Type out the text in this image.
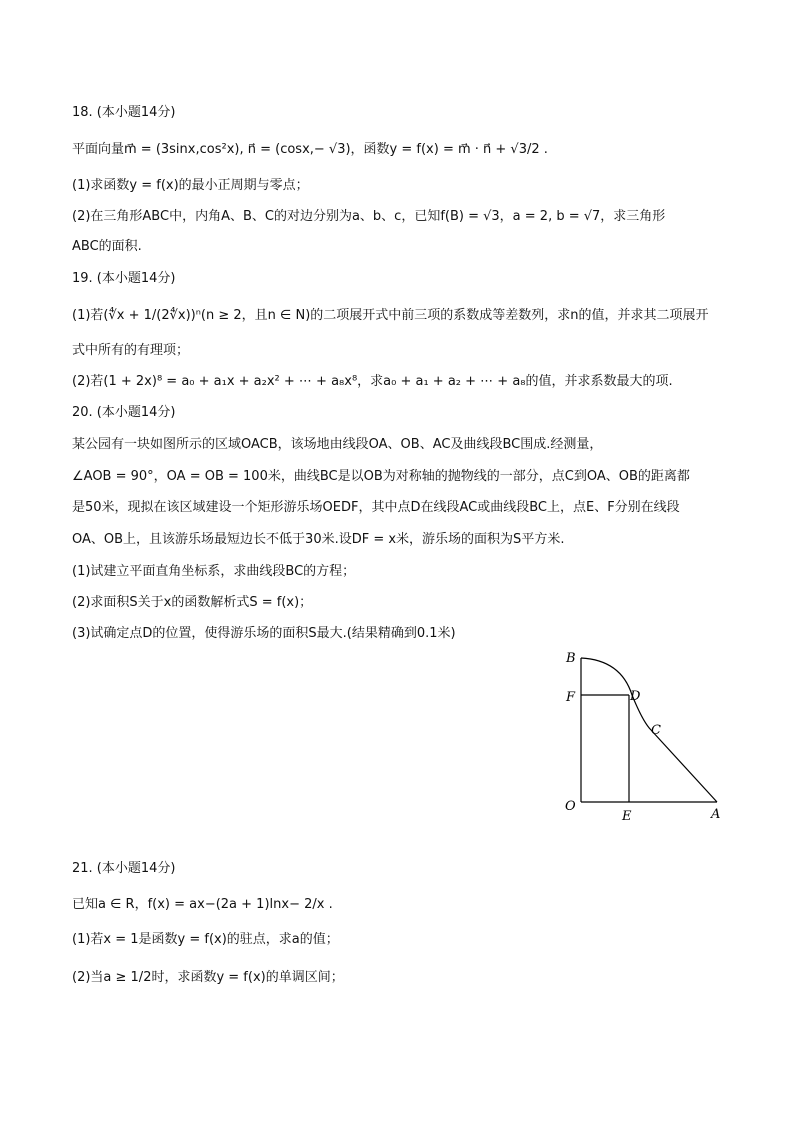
18. (本小题14分)
平面向量m⃗ = (3sinx,cos²x), n⃗ = (cosx,− √3)，函数y = f(x) = m⃗ · n⃗ + √3/2 .
(1)求函数y = f(x)的最小正周期与零点；
(2)在三角形ABC中，内角A、B、C的对边分别为a、b、c，已知f(B) = √3，a = 2, b = √7，求三角形
ABC的面积.
19. (本小题14分)
(1)若(∜x + 1/(2∜x))ⁿ(n ≥ 2，且n ∈ N)的二项展开式中前三项的系数成等差数列，求n的值，并求其二项展开
式中所有的有理项；
(2)若(1 + 2x)⁸ = a₀ + a₁x + a₂x² + ⋯ + a₈x⁸，求a₀ + a₁ + a₂ + ⋯ + a₈的值，并求系数最大的项.
20. (本小题14分)
某公园有一块如图所示的区域OACB，该场地由线段OA、OB、AC及曲线段BC围成.经测量，
∠AOB = 90°，OA = OB = 100米，曲线BC是以OB为对称轴的抛物线的一部分，点C到OA、OB的距离都
是50米，现拟在该区域建设一个矩形游乐场OEDF，其中点D在线段AC或曲线段BC上，点E、F分别在线段
OA、OB上，且该游乐场最短边长不低于30米.设DF = x米，游乐场的面积为S平方米.
(1)试建立平面直角坐标系，求曲线段BC的方程；
(2)求面积S关于x的函数解析式S = f(x)；
(3)试确定点D的位置，使得游乐场的面积S最大.(结果精确到0.1米)
B
F	D
C
O
E	A
21. (本小题14分)
已知a ∈ R，f(x) = ax−(2a + 1)lnx− 2/x .
(1)若x = 1是函数y = f(x)的驻点，求a的值；
(2)当a ≥ 1/2时，求函数y = f(x)的单调区间；
